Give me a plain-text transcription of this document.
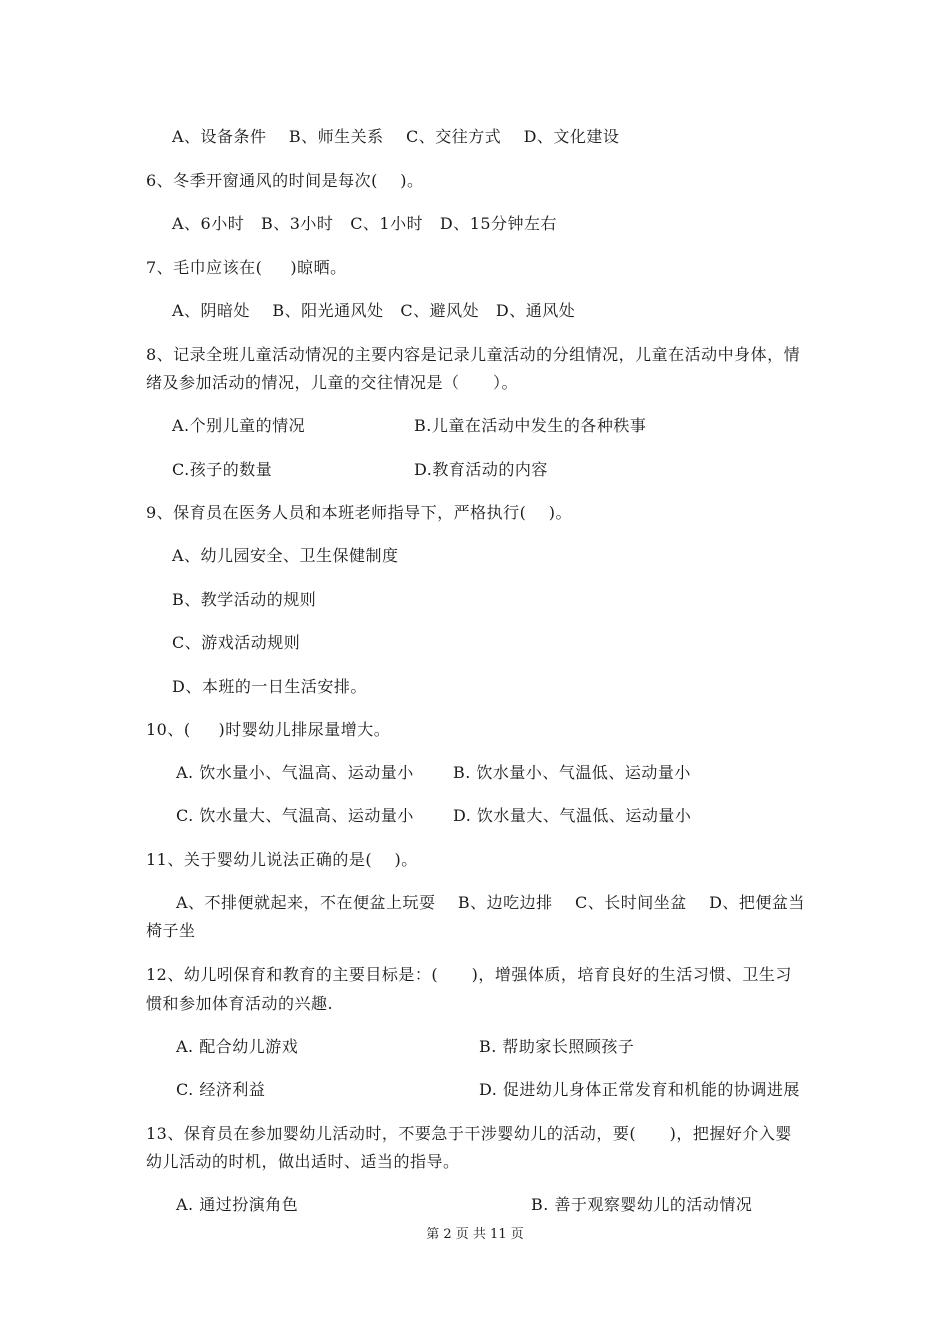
A、设备条件    B、师生关系    C、交往方式    D、文化建设
6、冬季开窗通风的时间是每次(    )。
A、6小时   B、3小时   C、1小时   D、15分钟左右
7、毛巾应该在(     )晾晒。
A、阴暗处    B、阳光通风处   C、避风处   D、通风处
8、记录全班儿童活动情况的主要内容是记录儿童活动的分组情况，儿童在活动中身体，情
绪及参加活动的情况，儿童的交往情况是（      ）。
A.个别儿童的情况	B.儿童在活动中发生的各种秩事
C.孩子的数量	D.教育活动的内容
9、保育员在医务人员和本班老师指导下，严格执行(    )。
A、幼儿园安全、卫生保健制度
B、教学活动的规则
C、游戏活动规则
D、本班的一日生活安排。
10、(     )时婴幼儿排尿量增大。
A. 饮水量小、气温高、运动量小 B. 饮水量小、气温低、运动量小
C. 饮水量大、气温高、运动量小 D. 饮水量大、气温低、运动量小
11、关于婴幼儿说法正确的是(    )。
A、不排便就起来，不在便盆上玩耍    B、边吃边排    C、长时间坐盆    D、把便盆当
椅子坐
12、幼儿吲保育和教育的主要目标是：(      )，增强体质，培育良好的生活习惯、卫生习
惯和参加体育活动的兴趣.
A. 配合幼儿游戏	B. 帮助家长照顾孩子
C. 经济利益	D. 促进幼儿身体正常发育和机能的协调进展
13、保育员在参加婴幼儿活动时，不要急于干涉婴幼儿的活动，要(      )，把握好介入婴
幼儿活动的时机，做出适时、适当的指导。
A. 通过扮演角色	B. 善于观察婴幼儿的活动情况
第 2 页 共 11 页
